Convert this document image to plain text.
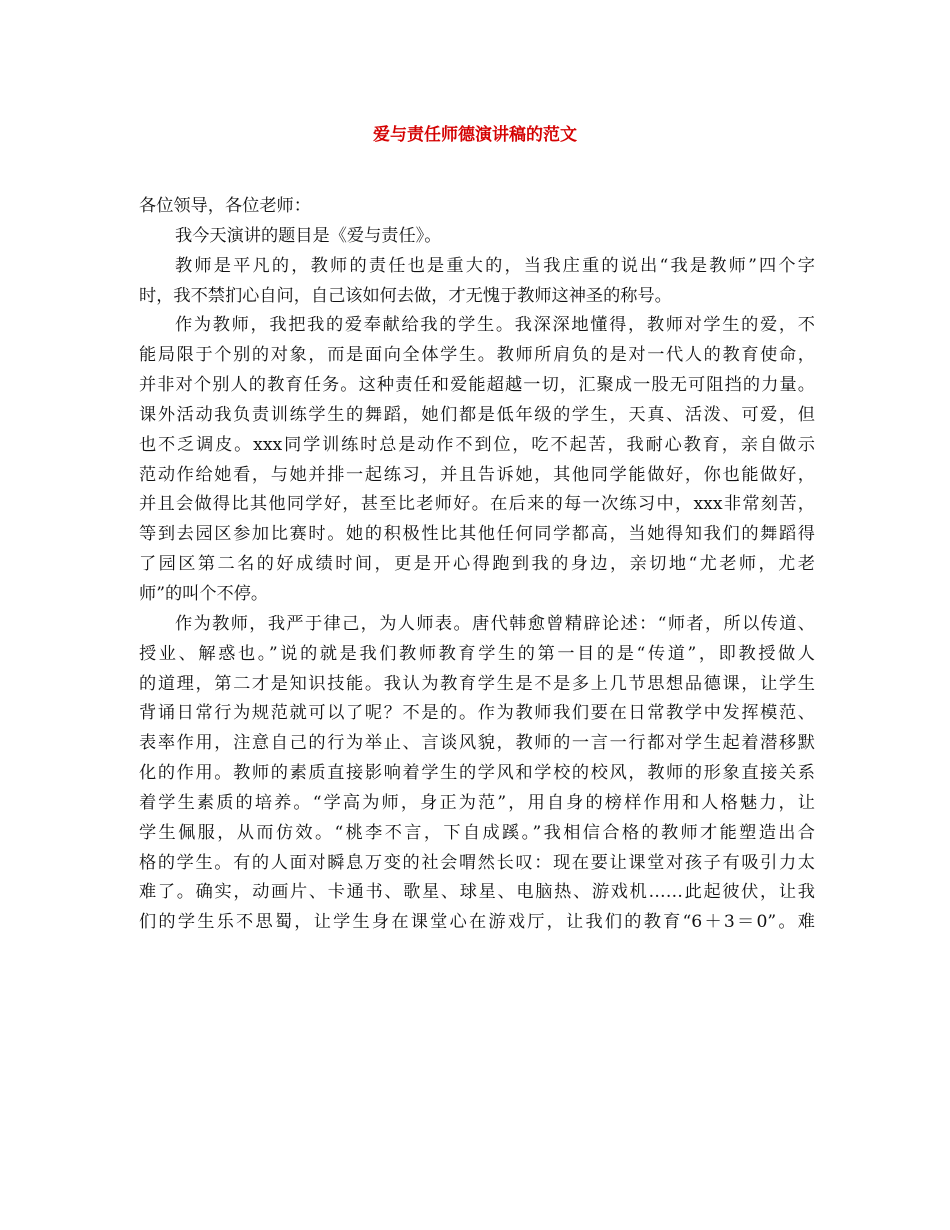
爱与责任师德演讲稿的范文
各位领导，各位老师：
我今天演讲的题目是《爱与责任》。
教师是平凡的，教师的责任也是重大的，当我庄重的说出“我是教师”四个字
时，我不禁扪心自问，自己该如何去做，才无愧于教师这神圣的称号。
作为教师，我把我的爱奉献给我的学生。我深深地懂得，教师对学生的爱，不
能局限于个别的对象，而是面向全体学生。教师所肩负的是对一代人的教育使命，
并非对个别人的教育任务。这种责任和爱能超越一切，汇聚成一股无可阻挡的力量。
课外活动我负责训练学生的舞蹈，她们都是低年级的学生，天真、活泼、可爱，但
也不乏调皮。xxx同学训练时总是动作不到位，吃不起苦，我耐心教育，亲自做示
范动作给她看，与她并排一起练习，并且告诉她，其他同学能做好，你也能做好，
并且会做得比其他同学好，甚至比老师好。在后来的每一次练习中，xxx非常刻苦，
等到去园区参加比赛时。她的积极性比其他任何同学都高，当她得知我们的舞蹈得
了园区第二名的好成绩时间，更是开心得跑到我的身边，亲切地“尤老师，尤老
师”的叫个不停。
作为教师，我严于律己，为人师表。唐代韩愈曾精辟论述：“师者，所以传道、
授业、解惑也。”说的就是我们教师教育学生的第一目的是“传道”，即教授做人
的道理，第二才是知识技能。我认为教育学生是不是多上几节思想品德课，让学生
背诵日常行为规范就可以了呢？不是的。作为教师我们要在日常教学中发挥模范、
表率作用，注意自己的行为举止、言谈风貌，教师的一言一行都对学生起着潜移默
化的作用。教师的素质直接影响着学生的学风和学校的校风，教师的形象直接关系
着学生素质的培养。“学高为师，身正为范”，用自身的榜样作用和人格魅力，让
学生佩服，从而仿效。“桃李不言，下自成蹊。”我相信合格的教师才能塑造出合
格的学生。有的人面对瞬息万变的社会喟然长叹：现在要让课堂对孩子有吸引力太
难了。确实，动画片、卡通书、歌星、球星、电脑热、游戏机……此起彼伏，让我
们的学生乐不思蜀，让学生身在课堂心在游戏厅，让我们的教育“6＋3＝0”。难
